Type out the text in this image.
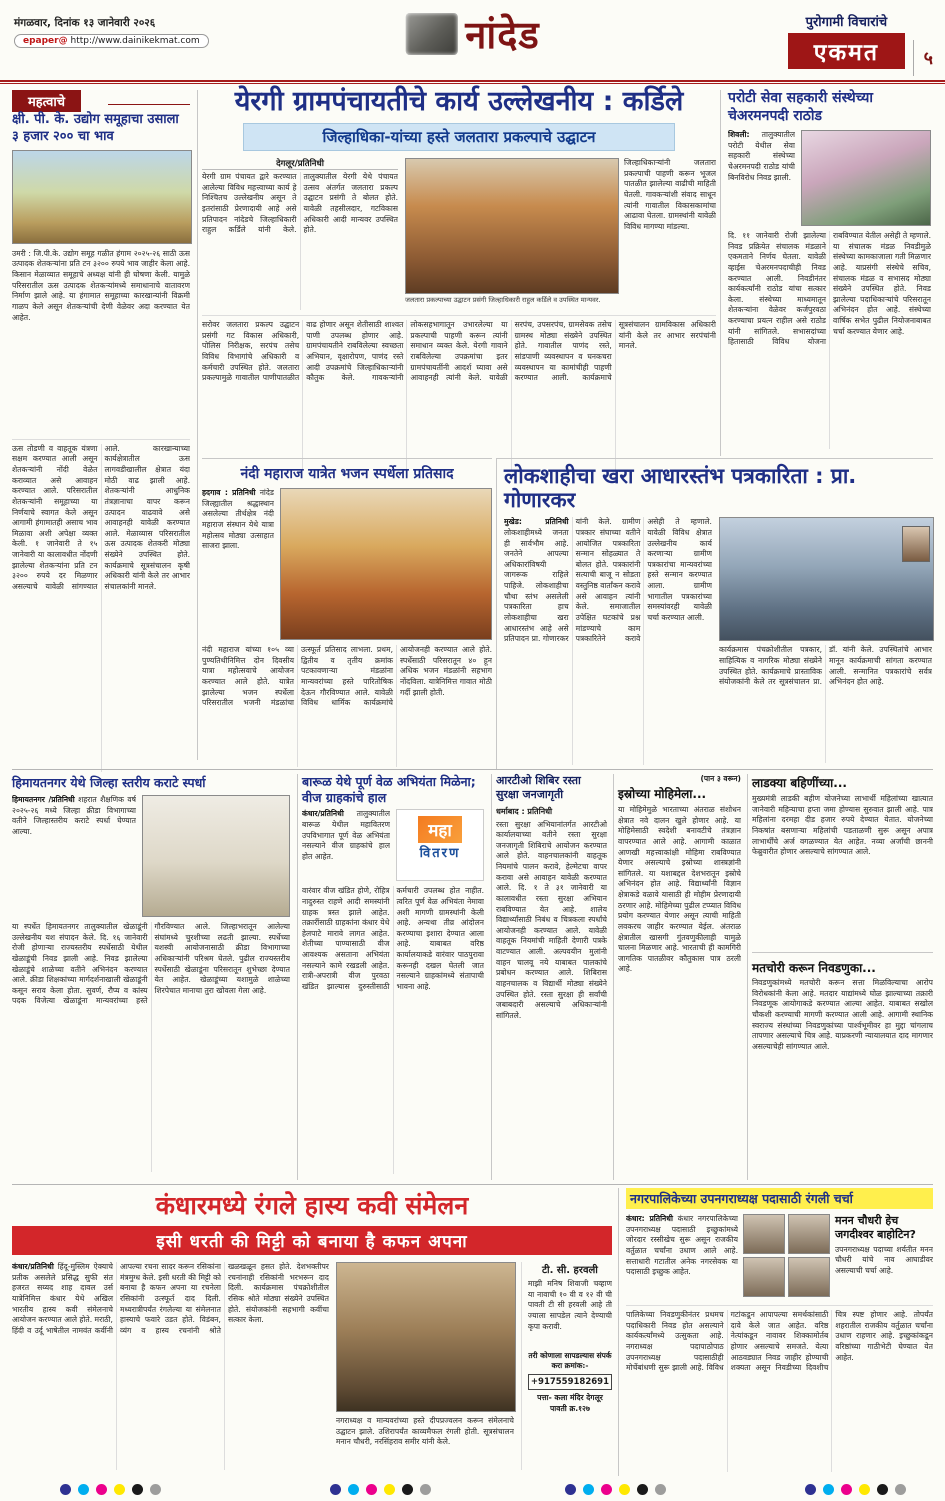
मंगळवार, दिनांक १३ जानेवारी २०२६
epaper@ http://www.dainikekmat.com	नांदेड	पुरोगामी विचारांचे
एकमत	५
महत्वाचे
क्षी. पी. के. उद्योग समूहाचा उसाला ३ हजार २०० चा भाव

उमरी : जि.पी.के. उद्योग समूह गळीत हंगाम २०२५-२६ साठी ऊस उत्पादक शेतकऱ्यांना प्रति टन ३२०० रुपये भाव जाहीर केला आहे. किसान मेळाव्यात समूहाचे अध्यक्ष यांनी ही घोषणा केली. यामुळे परिसरातील ऊस उत्पादक शेतकऱ्यांमध्ये समाधानाचे वातावरण निर्माण झाले आहे. या हंगामात समूहाच्या कारखान्यांनी विक्रमी गाळप केले असून शेतकऱ्यांची देणी वेळेवर अदा करण्यात येत आहेत.

ऊस तोडणी व वाहतूक यंत्रणा सक्षम करण्यात आली असून शेतकऱ्यांनी नोंदी वेळेत कराव्यात असे आवाहन करण्यात आले. परिसरातील शेतकऱ्यांनी समूहाच्या या निर्णयाचे स्वागत केले असून आगामी हंगामातही असाच भाव मिळावा अशी अपेक्षा व्यक्त केली. १ जानेवारी ते १५ जानेवारी या कालावधीत नोंदणी झालेल्या शेतकऱ्यांना प्रति टन ३२०० रुपये दर मिळणार असल्याचे यावेळी सांगण्यात आले. कारखान्याच्या कार्यक्षेत्रातील ऊस लागवडीखालील क्षेत्रात यंदा मोठी वाढ झाली आहे. शेतकऱ्यांनी आधुनिक तंत्रज्ञानाचा वापर करून उत्पादन वाढवावे असे आवाहनही यावेळी करण्यात आले. मेळाव्यास परिसरातील ऊस उत्पादक शेतकरी मोठ्या संख्येने उपस्थित होते. कार्यक्रमाचे सूत्रसंचालन कृषी अधिकारी यांनी केले तर आभार संचालकांनी मानले.

येरगी ग्रामपंचायतीचे कार्य उल्लेखनीय : कर्डिले
जिल्हाधिका-यांच्या हस्ते जलतारा प्रकल्पाचे उद्घाटन
देगलूर/प्रतिनिधी

येरगी ग्राम पंचायत द्वारे करण्यात आलेल्या विविध महत्त्वाच्या कार्य हे निश्चितच उल्लेखनीय असून ते इतरांसाठी प्रेरणादायी आहे असे प्रतिपादन नांदेडचे जिल्हाधिकारी राहुल कर्डिले यांनी केले. तालुक्यातील येरगी येथे पंचायत उत्सव अंतर्गत जलतारा प्रकल्प उद्घाटन प्रसंगी ते बोलत होते. यावेळी तहसीलदार, गटविकास अधिकारी आदी मान्यवर उपस्थित होते.

जलतारा प्रकल्पाच्या उद्घाटन प्रसंगी जिल्हाधिकारी राहुल कर्डिले व उपस्थित मान्यवर.

जिल्हाधिकाऱ्यांनी जलतारा प्रकल्पाची पाहणी करून भूजल पातळीत झालेल्या वाढीची माहिती घेतली. गावकऱ्यांशी संवाद साधून त्यांनी गावातील विकासकामांचा आढावा घेतला. ग्रामस्थांनी यावेळी विविध मागण्या मांडल्या.

सरोवर जलतारा प्रकल्प उद्घाटन प्रसंगी गट विकास अधिकारी, पोलिस निरीक्षक, सरपंच तसेच विविध विभागांचे अधिकारी व कर्मचारी उपस्थित होते. जलतारा प्रकल्पामुळे गावातील पाणीपातळीत वाढ होणार असून शेतीसाठी शाश्वत पाणी उपलब्ध होणार आहे. ग्रामपंचायतीने राबविलेल्या स्वच्छता अभियान, वृक्षारोपण, पाणंद रस्ते आदी उपक्रमांचे जिल्हाधिकाऱ्यांनी कौतुक केले. गावकऱ्यांनी लोकसहभागातून उभारलेल्या या प्रकल्पाची पाहणी करून त्यांनी समाधान व्यक्त केले. येरगी गावाने राबविलेल्या उपक्रमांचा इतर ग्रामपंचायतींनी आदर्श घ्यावा असे आवाहनही त्यांनी केले. यावेळी सरपंच, उपसरपंच, ग्रामसेवक तसेच ग्रामस्थ मोठ्या संख्येने उपस्थित होते. गावातील पाणंद रस्ते, सांडपाणी व्यवस्थापन व घनकचरा व्यवस्थापन या कामांचीही पाहणी करण्यात आली. कार्यक्रमाचे सूत्रसंचालन ग्रामविकास अधिकारी यांनी केले तर आभार सरपंचांनी मानले.

परोटी सेवा सहकारी संस्थेच्या चेअरमनपदी राठोड

शिवली: तालुक्यातील परोटी येथील सेवा सहकारी संस्थेच्या चेअरमनपदी राठोड यांची बिनविरोध निवड झाली.

दि. ११ जानेवारी रोजी झालेल्या निवड प्रक्रियेत संचालक मंडळाने एकमताने निर्णय घेतला. यावेळी व्हाईस चेअरमनपदाचीही निवड करण्यात आली. निवडीनंतर कार्यकर्त्यांनी राठोड यांचा सत्कार केला. संस्थेच्या माध्यमातून शेतकऱ्यांना वेळेवर कर्जपुरवठा करण्याचा प्रयत्न राहील असे राठोड यांनी सांगितले. सभासदांच्या हितासाठी विविध योजना राबविण्यात येतील असेही ते म्हणाले. या संचालक मंडळ निवडीमुळे संस्थेच्या कामकाजाला गती मिळणार आहे. याप्रसंगी संस्थेचे सचिव, संचालक मंडळ व सभासद मोठ्या संख्येने उपस्थित होते. निवड झालेल्या पदाधिकाऱ्यांचे परिसरातून अभिनंदन होत आहे. संस्थेच्या वार्षिक सभेत पुढील नियोजनाबाबत चर्चा करण्यात येणार आहे.

नंदी महाराज यात्रेत भजन स्पर्धेला प्रतिसाद

हदगाव : प्रतिनिधी नांदेड जिल्ह्यातील श्रद्धास्थान असलेल्या तीर्थक्षेत्र नंदी महाराज संस्थान येथे यात्रा महोत्सव मोठ्या उत्साहात साजरा झाला.

नंदी महाराज यांच्या १०५ व्या पुण्यतिथीनिमित्त दोन दिवसीय यात्रा महोत्सवाचे आयोजन करण्यात आले होते. यात्रेत झालेल्या भजन स्पर्धेला परिसरातील भजनी मंडळांचा उत्स्फूर्त प्रतिसाद लाभला. प्रथम, द्वितीय व तृतीय क्रमांक पटकावणाऱ्या मंडळांना मान्यवरांच्या हस्ते पारितोषिक देऊन गौरविण्यात आले. यावेळी विविध धार्मिक कार्यक्रमांचे आयोजनही करण्यात आले होते. स्पर्धेसाठी परिसरातून ४० हून अधिक भजन मंडळांनी सहभाग नोंदविला. यात्रेनिमित्त गावात मोठी गर्दी झाली होती.

लोकशाहीचा खरा आधारस्तंभ पत्रकारिता : प्रा. गोणारकर

मुखेड: प्रतिनिधी लोकशाहीमध्ये जनता ही सार्वभौम आहे. जनतेने आपल्या अधिकारांविषयी जागरूक राहिले पाहिजे. लोकशाहीचा चौथा स्तंभ असलेली पत्रकारिता हाच लोकशाहीचा खरा आधारस्तंभ आहे असे प्रतिपादन प्रा. गोणारकर यांनी केले. ग्रामीण पत्रकार संघाच्या वतीने आयोजित पत्रकारिता सन्मान सोहळ्यात ते बोलत होते. पत्रकारांनी सत्याची बाजू न सोडता वस्तुनिष्ठ वार्तांकन करावे असे आवाहन त्यांनी केले. समाजातील उपेक्षित घटकांचे प्रश्न मांडण्याचे काम पत्रकारितेने करावे असेही ते म्हणाले. यावेळी विविध क्षेत्रात उल्लेखनीय कार्य करणाऱ्या ग्रामीण पत्रकारांचा मान्यवरांच्या हस्ते सन्मान करण्यात आला. ग्रामीण भागातील पत्रकारांच्या समस्यांवरही यावेळी चर्चा करण्यात आली.

कार्यक्रमास पंचक्रोशीतील पत्रकार, साहित्यिक व नागरिक मोठ्या संख्येने उपस्थित होते. कार्यक्रमाचे प्रास्ताविक संयोजकांनी केले तर सूत्रसंचालन प्रा. डॉ. यांनी केले. उपस्थितांचे आभार मानून कार्यक्रमाची सांगता करण्यात आली. सन्मानित पत्रकारांचे सर्वत्र अभिनंदन होत आहे.

हिमायतनगर येथे जिल्हा स्तरीय कराटे स्पर्धा

हिमायतनगर /प्रतिनिधी शहरात शैक्षणिक वर्ष २०२५-२६ मध्ये जिल्हा क्रीडा विभागाच्या वतीने जिल्हास्तरीय कराटे स्पर्धा घेण्यात आल्या.

या स्पर्धेत हिमायतनगर तालुक्यातील खेळाडूंनी उल्लेखनीय यश संपादन केले. दि. १६ जानेवारी रोजी होणाऱ्या राज्यस्तरीय स्पर्धेसाठी येथील खेळाडूंची निवड झाली आहे. निवड झालेल्या खेळाडूंचे शाळेच्या वतीने अभिनंदन करण्यात आले. क्रीडा शिक्षकांच्या मार्गदर्शनाखाली खेळाडूंनी कसून सराव केला होता. सुवर्ण, रौप्य व कांस्य पदक विजेत्या खेळाडूंना मान्यवरांच्या हस्ते गौरविण्यात आले. जिल्हाभरातून आलेल्या संघांमध्ये चुरशीच्या लढती झाल्या. स्पर्धेच्या यशस्वी आयोजनासाठी क्रीडा विभागाच्या अधिकाऱ्यांनी परिश्रम घेतले. पुढील राज्यस्तरीय स्पर्धेसाठी खेळाडूंना परिसरातून शुभेच्छा देण्यात येत आहेत. खेळाडूंच्या यशामुळे शाळेच्या शिरपेचात मानाचा तुरा खोवला गेला आहे.

बारूळ येथे पूर्ण वेळ अभियंता मिळेना; वीज ग्राहकांचे हाल

कंधार/प्रतिनिधी तालुक्यातील बारूळ येथील महावितरण उपविभागात पूर्ण वेळ अभियंता नसल्याने वीज ग्राहकांचे हाल होत आहेत.

महा
वितरण

वारंवार वीज खंडित होणे, रोहित्र नादुरुस्त राहणे आदी समस्यांनी ग्राहक त्रस्त झाले आहेत. तक्रारींसाठी ग्राहकांना कंधार येथे हेलपाटे मारावे लागत आहेत. शेतीच्या पाण्यासाठी वीज आवश्यक असताना अभियंता नसल्याने कामे रखडली आहेत. रात्री-अपरात्री वीज पुरवठा खंडित झाल्यास दुरुस्तीसाठी कर्मचारी उपलब्ध होत नाहीत. त्वरित पूर्ण वेळ अभियंता नेमावा अशी मागणी ग्रामस्थांनी केली आहे. अन्यथा तीव्र आंदोलन करण्याचा इशारा देण्यात आला आहे. याबाबत वरिष्ठ कार्यालयाकडे वारंवार पाठपुरावा करूनही दखल घेतली जात नसल्याने ग्राहकांमध्ये संतापाची भावना आहे.

आरटीओ शिबिर रस्ता सुरक्षा जनजागृती
धर्माबाद : प्रतिनिधी

रस्ता सुरक्षा अभियानांतर्गत आरटीओ कार्यालयाच्या वतीने रस्ता सुरक्षा जनजागृती शिबिराचे आयोजन करण्यात आले होते. वाहनचालकांनी वाहतूक नियमांचे पालन करावे, हेल्मेटचा वापर करावा असे आवाहन यावेळी करण्यात आले. दि. १ ते ३१ जानेवारी या कालावधीत रस्ता सुरक्षा अभियान राबविण्यात येत आहे. शालेय विद्यार्थ्यांसाठी निबंध व चित्रकला स्पर्धांचे आयोजनही करण्यात आले. यावेळी वाहतूक नियमांची माहिती देणारी पत्रके वाटण्यात आली. अल्पवयीन मुलांनी वाहन चालवू नये याबाबत पालकांचे प्रबोधन करण्यात आले. शिबिरास वाहनचालक व विद्यार्थी मोठ्या संख्येने उपस्थित होते. रस्ता सुरक्षा ही सर्वांची जबाबदारी असल्याचे अधिकाऱ्यांनी सांगितले.

(पान ३ वरून)
इस्रोच्या मोहिमेला...

या मोहिमेमुळे भारताच्या अंतराळ संशोधन क्षेत्रात नवे दालन खुले होणार आहे. या मोहिमेसाठी स्वदेशी बनावटीचे तंत्रज्ञान वापरण्यात आले आहे. आगामी काळात आणखी महत्त्वाकांक्षी मोहिमा राबविण्यात येणार असल्याचे इस्रोच्या शास्त्रज्ञांनी सांगितले. या यशाबद्दल देशभरातून इस्रोचे अभिनंदन होत आहे. विद्यार्थ्यांनी विज्ञान क्षेत्राकडे वळावे यासाठी ही मोहीम प्रेरणादायी ठरणार आहे. मोहिमेच्या पुढील टप्प्यात विविध प्रयोग करण्यात येणार असून त्याची माहिती लवकरच जाहीर करण्यात येईल. अंतराळ क्षेत्रातील खासगी गुंतवणुकीलाही यामुळे चालना मिळणार आहे. भारताची ही कामगिरी जागतिक पातळीवर कौतुकास पात्र ठरली आहे.

लाडक्या बहिणींच्या...

मुख्यमंत्री लाडकी बहीण योजनेच्या लाभार्थी महिलांच्या खात्यात जानेवारी महिन्याचा हप्ता जमा होण्यास सुरुवात झाली आहे. पात्र महिलांना दरमहा दीड हजार रुपये देण्यात येतात. योजनेच्या निकषांत बसणाऱ्या महिलांची पडताळणी सुरू असून अपात्र लाभार्थींचे अर्ज वगळण्यात येत आहेत. नव्या अर्जांची छाननी फेब्रुवारीत होणार असल्याचे सांगण्यात आले.

मतचोरी करून निवडणुका...

निवडणुकांमध्ये मतचोरी करून सत्ता मिळविल्याचा आरोप विरोधकांनी केला आहे. मतदार याद्यांमध्ये घोळ झाल्याच्या तक्रारी निवडणूक आयोगाकडे करण्यात आल्या आहेत. याबाबत सखोल चौकशी करण्याची मागणी करण्यात आली आहे. आगामी स्थानिक स्वराज्य संस्थांच्या निवडणुकांच्या पार्श्वभूमीवर हा मुद्दा चांगलाच तापणार असल्याचे चित्र आहे. याप्रकरणी न्यायालयात दाद मागणार असल्याचेही सांगण्यात आले.

कंधारमध्ये रंगले हास्य कवी संमेलन
इसी धरती की मिट्टी को बनाया है कफन अपना

कंधार/प्रतिनिधी हिंदू-मुस्लिम ऐक्याचे प्रतीक असलेले प्रसिद्ध सुफी संत हजरत सय्यद शाह दावल उर्स यात्रेनिमित्त कंधार येथे अखिल भारतीय हास्य कवी संमेलनाचे आयोजन करण्यात आले होते. मराठी, हिंदी व उर्दू भाषेतील नामवंत कवींनी आपल्या रचना सादर करून रसिकांना मंत्रमुग्ध केले. इसी धरती की मिट्टी को बनाया है कफन अपना या रचनेला रसिकांनी उत्स्फूर्त दाद दिली. मध्यरात्रीपर्यंत रंगलेल्या या संमेलनात हास्याचे फवारे उडत होते. विडंबन, व्यंग व हास्य रचनांनी श्रोते खळखळून हसत होते. देशभक्तीपर रचनांनाही रसिकांनी भरभरून दाद दिली. कार्यक्रमास पंचक्रोशीतील रसिक श्रोते मोठ्या संख्येने उपस्थित होते. संयोजकांनी सहभागी कवींचा सत्कार केला.

नगराध्यक्ष व मान्यवरांच्या हस्ते दीपप्रज्वलन करून संमेलनाचे उद्घाटन झाले. उशिरापर्यंत काव्यमैफल रंगली होती. सूत्रसंचालन मनान चौधरी, नरसिंहराव समीर यांनी केले.

टी. सी. हरवली

माझी मनिष शिवाजी चव्हाण या नावाची १० वी व १२ वी ची पावती टी सी हरवली आहे ती ज्याला सापडेल त्याने देण्याची कृपा करावी.

तरी कोणाला सापडल्यास संपर्क करा क्रमांक:-
+917559182691
पत्ता- कला मंदिर देगलूर
पावती क्र.१२७
नगरपालिकेच्या उपनगराध्यक्ष पदासाठी रंगली चर्चा

कंधार: प्रतिनिधी कंधार नगरपालिकेच्या उपनगराध्यक्ष पदासाठी इच्छुकांमध्ये जोरदार रस्सीखेच सुरू असून राजकीय वर्तुळात चर्चांना उधाण आले आहे. सत्ताधारी गटातील अनेक नगरसेवक या पदासाठी इच्छुक आहेत.

मनन चौधरी हेच जगदीश्वर बाहोटिन?

उपनगराध्यक्ष पदाच्या शर्यतीत मनन चौधरी यांचे नाव आघाडीवर असल्याची चर्चा आहे.

पालिकेच्या निवडणुकीनंतर प्रथमच पदाधिकारी निवड होत असल्याने कार्यकर्त्यांमध्ये उत्सुकता आहे. नगराध्यक्ष पदापाठोपाठ उपनगराध्यक्ष पदासाठीही मोर्चेबांधणी सुरू झाली आहे. विविध गटांकडून आपापल्या समर्थकांसाठी दावे केले जात आहेत. वरिष्ठ नेत्यांकडून नावावर शिक्कामोर्तब होणार असल्याचे समजते. येत्या आठवड्यात निवड जाहीर होण्याची शक्यता असून निवडीच्या दिवशीच चित्र स्पष्ट होणार आहे. तोपर्यंत शहरातील राजकीय वर्तुळात चर्चांना उधाण राहणार आहे. इच्छुकांकडून वरिष्ठांच्या गाठीभेटी घेण्यात येत आहेत.
